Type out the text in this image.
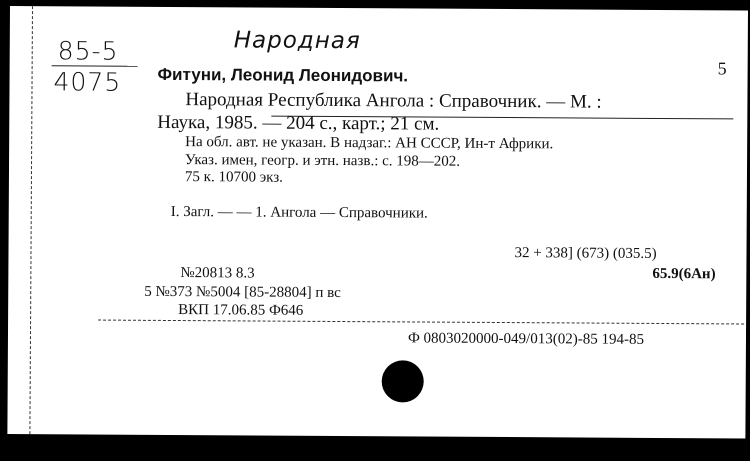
85-5
4075
Народная
5
Фитуни, Леонид Леонидович.
Народная Республика Ангола : Справочник. — М. :
Наука, 1985. — 204 с., карт.; 21 см.
На обл. авт. не указан. В надзаг.: АН СССР, Ин-т Африки.
Указ. имен, геогр. и этн. назв.: с. 198—202.
75 к. 10700 экз.
I. Загл. — — 1. Ангола — Справочники.
32 + 338] (673) (035.5)
65.9(6Ан)
№20813 8.3
5 №373 №5004 [85-28804] п вс
ВКП 17.06.85 Ф646
Ф 0803020000-049/013(02)-85 194-85
